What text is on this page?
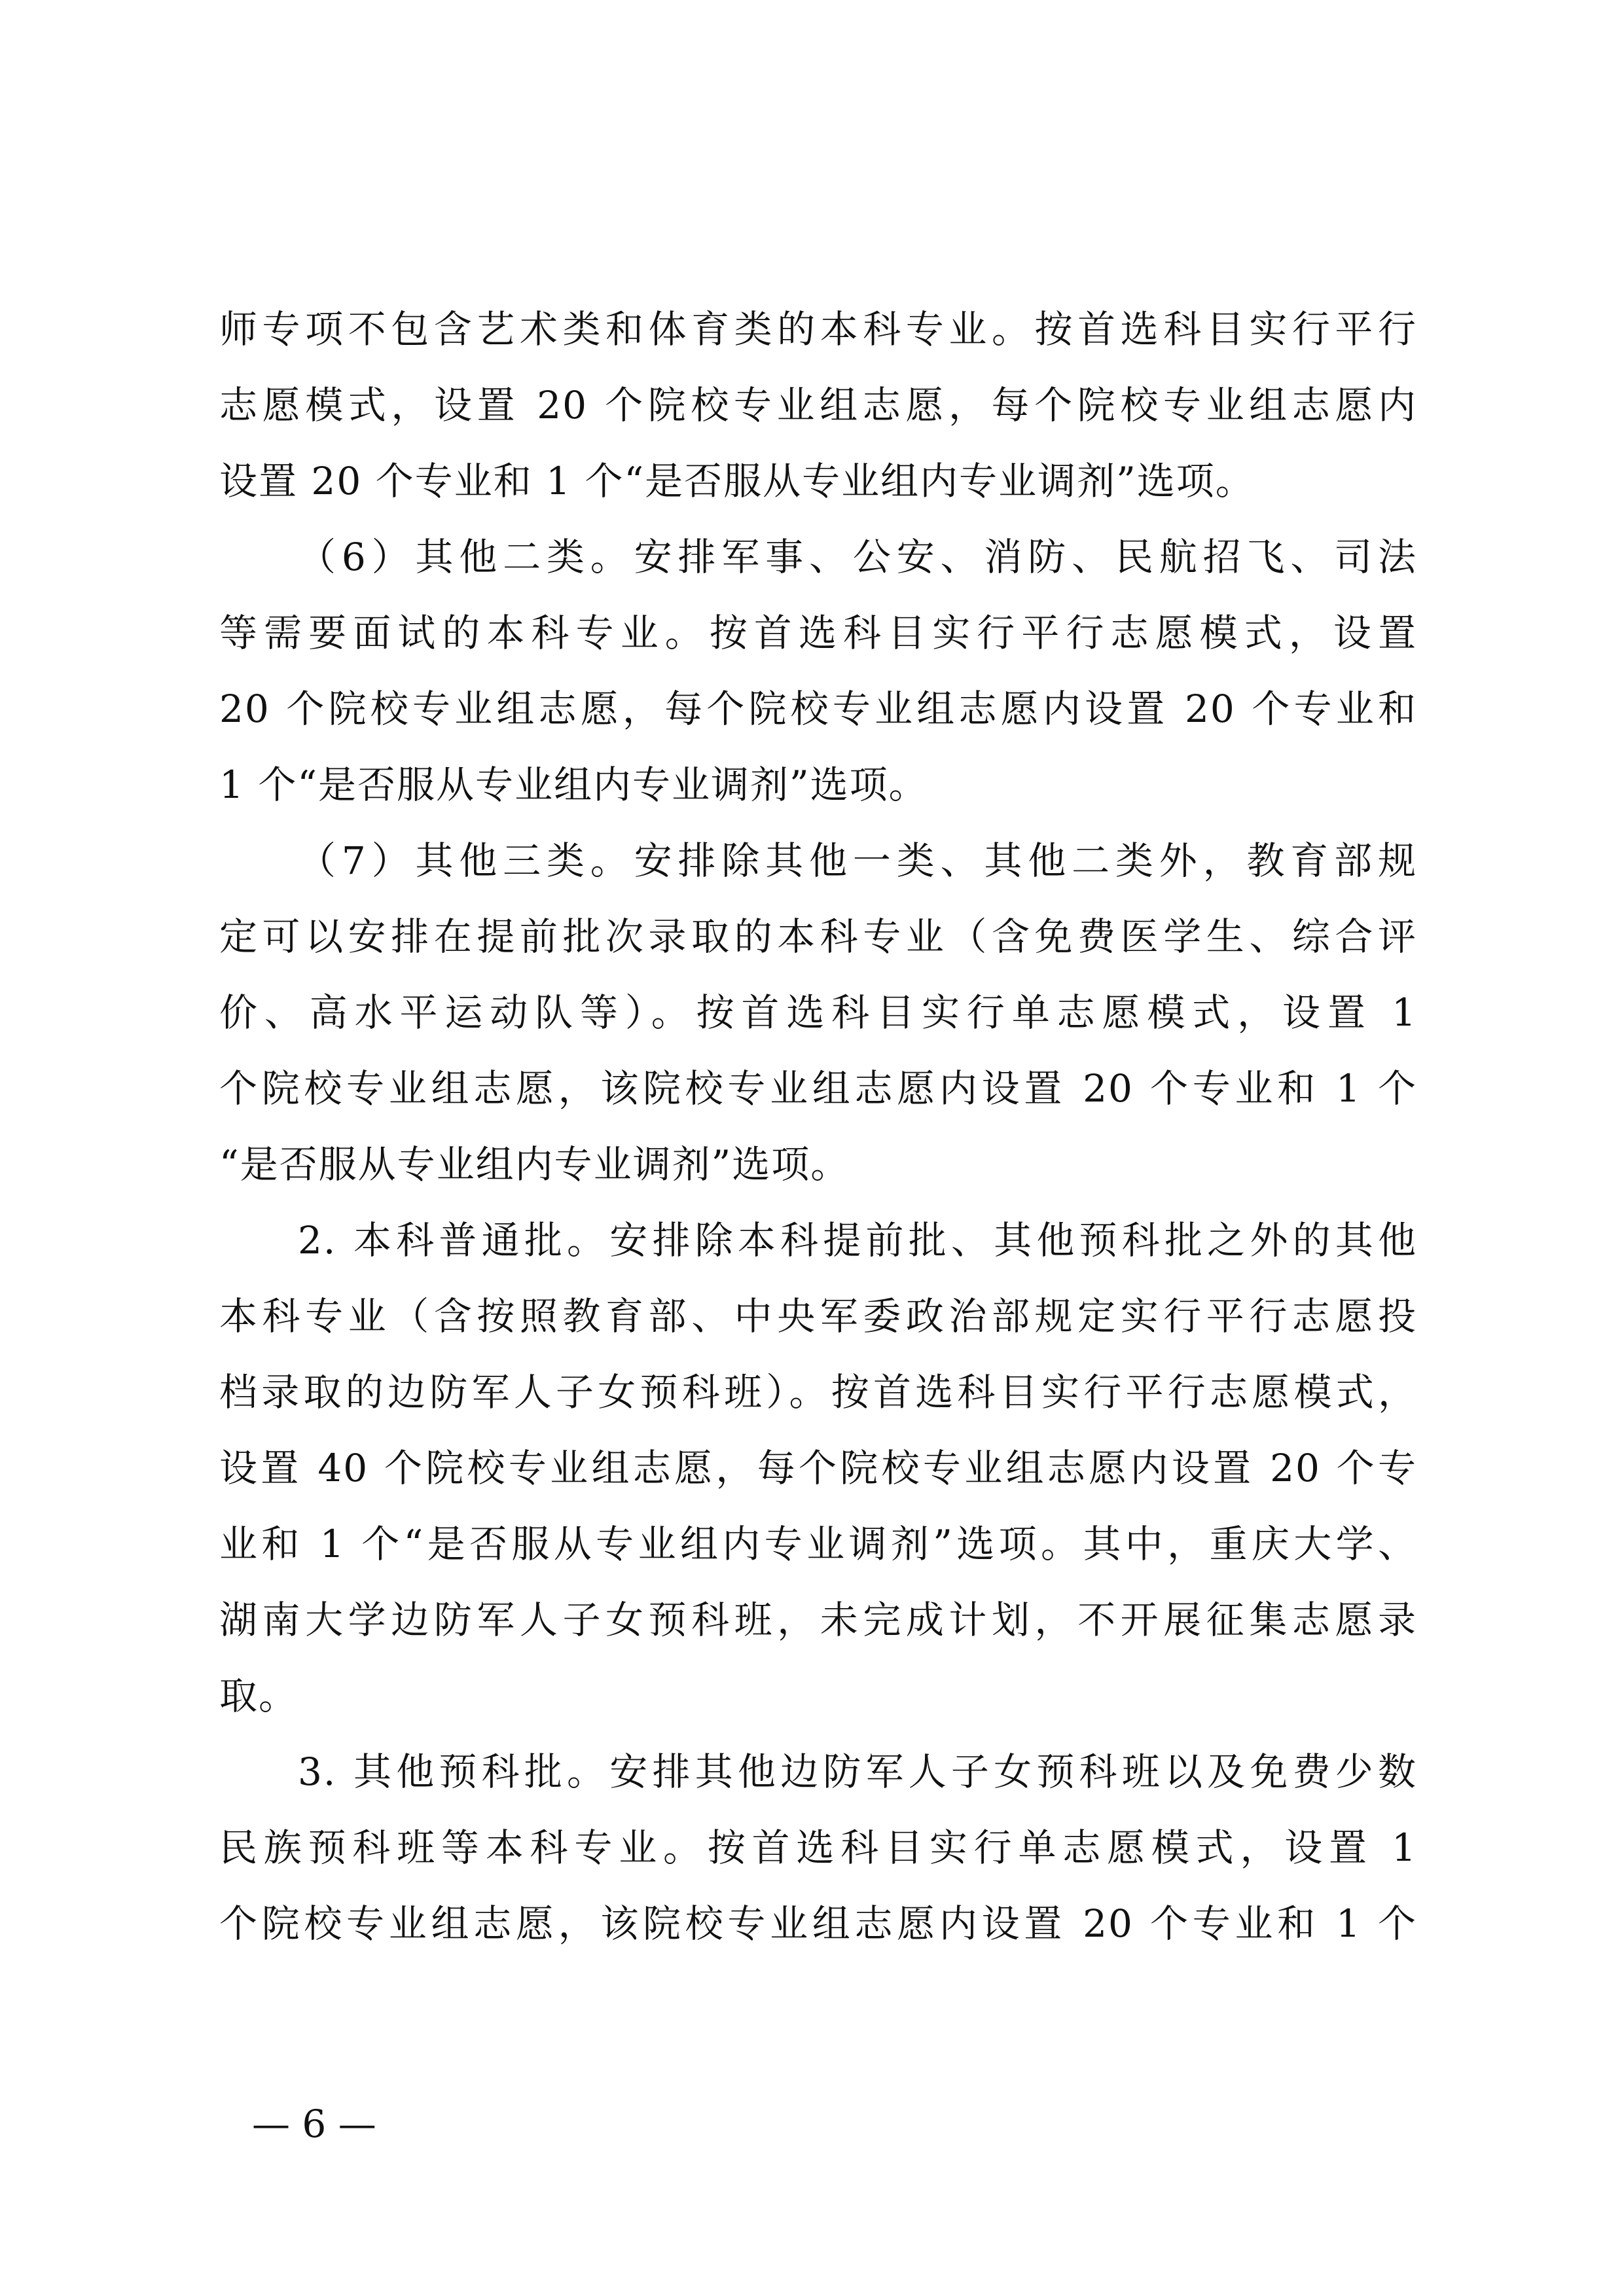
师专项不包含艺术类和体育类的本科专业。按首选科目实行平行
志愿模式，设置 20 个院校专业组志愿，每个院校专业组志愿内
设置 20 个专业和 1 个“是否服从专业组内专业调剂”选项。
（6）其他二类。安排军事、公安、消防、民航招飞、司法
等需要面试的本科专业。按首选科目实行平行志愿模式，设置
20 个院校专业组志愿，每个院校专业组志愿内设置 20 个专业和
1 个“是否服从专业组内专业调剂”选项。
（7）其他三类。安排除其他一类、其他二类外，教育部规
定可以安排在提前批次录取的本科专业（含免费医学生、综合评
价、高水平运动队等）。按首选科目实行单志愿模式，设置 1
个院校专业组志愿，该院校专业组志愿内设置 20 个专业和 1 个
“是否服从专业组内专业调剂”选项。
2. 本科普通批。安排除本科提前批、其他预科批之外的其他
本科专业（含按照教育部、中央军委政治部规定实行平行志愿投
档录取的边防军人子女预科班）。按首选科目实行平行志愿模式，
设置 40 个院校专业组志愿，每个院校专业组志愿内设置 20 个专
业和 1 个“是否服从专业组内专业调剂”选项。其中，重庆大学、
湖南大学边防军人子女预科班，未完成计划，不开展征集志愿录
取。
3. 其他预科批。安排其他边防军人子女预科班以及免费少数
民族预科班等本科专业。按首选科目实行单志愿模式，设置 1
个院校专业组志愿，该院校专业组志愿内设置 20 个专业和 1 个
— 6 —
